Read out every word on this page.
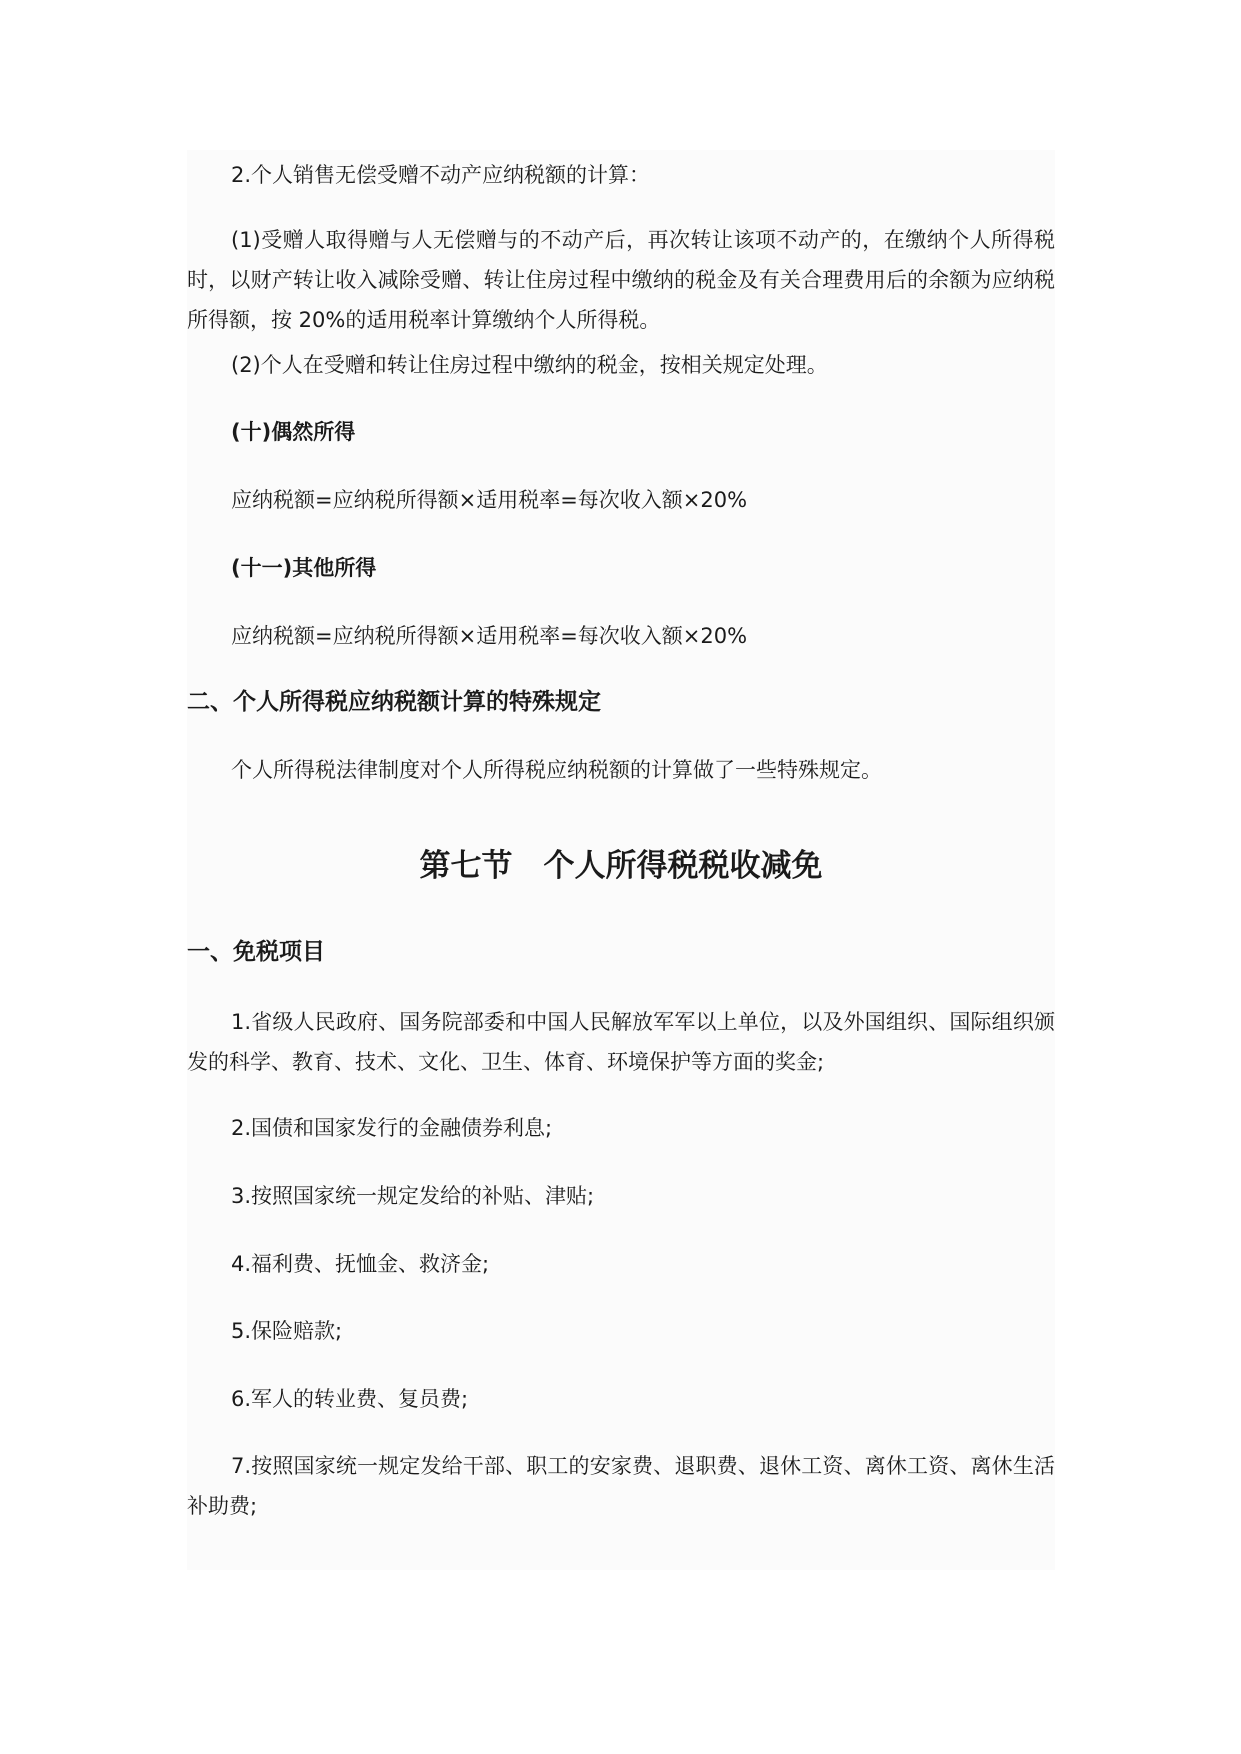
2.个人销售无偿受赠不动产应纳税额的计算：
(1)受赠人取得赠与人无偿赠与的不动产后，再次转让该项不动产的，在缴纳个人所得税时，以财产转让收入减除受赠、转让住房过程中缴纳的税金及有关合理费用后的余额为应纳税所得额，按 20%的适用税率计算缴纳个人所得税。
(2)个人在受赠和转让住房过程中缴纳的税金，按相关规定处理。
(十)偶然所得
应纳税额=应纳税所得额×适用税率=每次收入额×20%
(十一)其他所得
应纳税额=应纳税所得额×适用税率=每次收入额×20%
二、个人所得税应纳税额计算的特殊规定
个人所得税法律制度对个人所得税应纳税额的计算做了一些特殊规定。
第七节　个人所得税税收减免
一、免税项目
1.省级人民政府、国务院部委和中国人民解放军军以上单位，以及外国组织、国际组织颁发的科学、教育、技术、文化、卫生、体育、环境保护等方面的奖金;
2.国债和国家发行的金融债券利息;
3.按照国家统一规定发给的补贴、津贴;
4.福利费、抚恤金、救济金;
5.保险赔款;
6.军人的转业费、复员费;
7.按照国家统一规定发给干部、职工的安家费、退职费、退休工资、离休工资、离休生活补助费;
